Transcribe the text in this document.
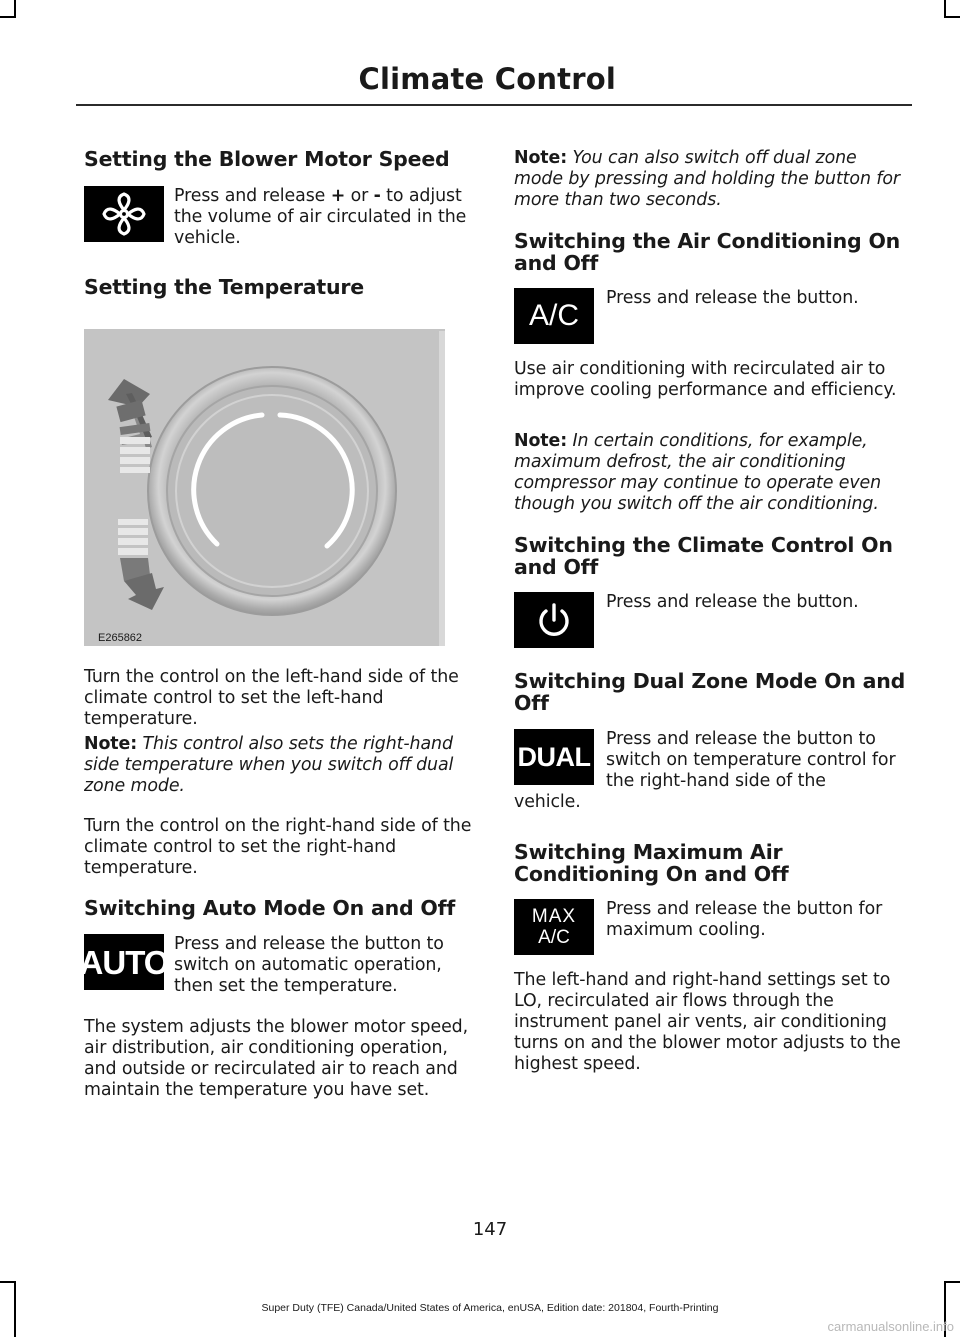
Climate Control
Setting the Blower Motor Speed

Press and release + or - to adjust the volume of air circulated in the vehicle.

Setting the Temperature
E265862

Turn the control on the left-hand side of the climate control to set the left-hand temperature.

Note: This control also sets the right-hand side temperature when you switch off dual zone mode.

Turn the control on the right-hand side of the climate control to set the right-hand temperature.

Switching Auto Mode On and Off
AUTO Press and release the button to switch on automatic operation, then set the temperature.

The system adjusts the blower motor speed, air distribution, air conditioning operation, and outside or recirculated air to reach and maintain the temperature you have set.

Note: You can also switch off dual zone mode by pressing and holding the button for more than two seconds.

Switching the Air Conditioning On and Off
A/C

Press and release the button.

Use air conditioning with recirculated air to improve cooling performance and efficiency.

Note: In certain conditions, for example, maximum defrost, the air conditioning compressor may continue to operate even though you switch off the air conditioning.

Switching the Climate Control On and Off

Press and release the button.

Switching Dual Zone Mode On and Off
DUAL

Press and release the button to switch on temperature control for the right-hand side of the

vehicle.

Switching Maximum Air Conditioning On and Off
MAX
A/C

Press and release the button for maximum cooling.

The left-hand and right-hand settings set to LO, recirculated air flows through the instrument panel air vents, air conditioning turns on and the blower motor adjusts to the highest speed.

147
Super Duty (TFE) Canada/United States of America, enUSA, Edition date: 201804, Fourth-Printing
carmanualsonline.info
